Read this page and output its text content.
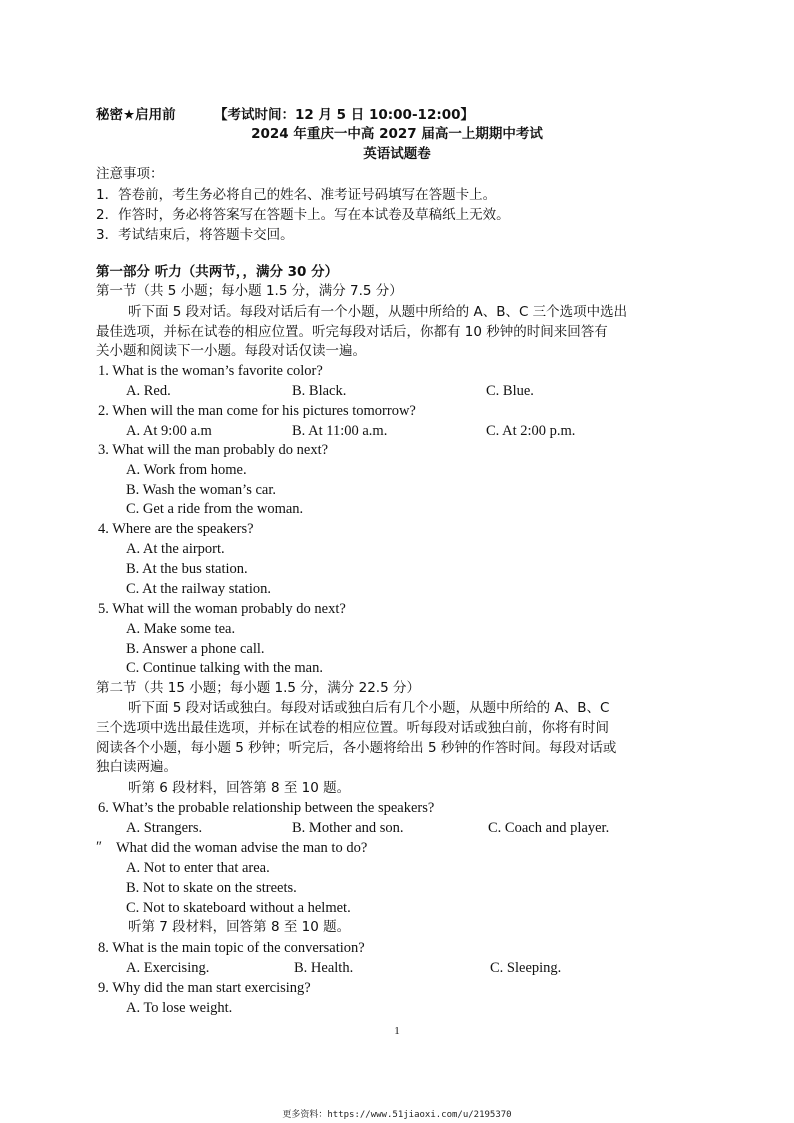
秘密★启用前	【考试时间：12 月 5 日 10:00-12:00】
2024 年重庆一中高 2027 届高一上期期中考试
英语试题卷
注意事项：
1．答卷前，考生务必将自己的姓名、准考证号码填写在答题卡上。
2．作答时，务必将答案写在答题卡上。写在本试卷及草稿纸上无效。
3．考试结束后，将答题卡交回。
第一部分 听力（共两节，，满分 30 分）
第一节（共 5 小题；每小题 1.5 分，满分 7.5 分）
听下面 5 段对话。每段对话后有一个小题，从题中所给的 A、B、C 三个选项中选出
最佳选项，并标在试卷的相应位置。听完每段对话后，你都有 10 秒钟的时间来回答有
关小题和阅读下一小题。每段对话仅读一遍。
1. What is the woman’s favorite color?
A. Red.	B. Black.	C. Blue.
2. When will the man come for his pictures tomorrow?
A. At 9:00 a.m	B. At 11:00 a.m.	C. At 2:00 p.m.
3. What will the man probably do next?
A. Work from home.
B. Wash the woman’s car.
C. Get a ride from the woman.
4. Where are the speakers?
A. At the airport.
B. At the bus station.
C. At the railway station.
5. What will the woman probably do next?
A. Make some tea.
B. Answer a phone call.
C. Continue talking with the man.
第二节（共 15 小题；每小题 1.5 分，满分 22.5 分）
听下面 5 段对话或独白。每段对话或独白后有几个小题，从题中所给的 A、B、C
三个选项中选出最佳选项，并标在试卷的相应位置。听每段对话或独白前，你将有时间
阅读各个小题，每小题 5 秒钟；听完后，各小题将给出 5 秒钟的作答时间。每段对话或
独白读两遍。
听第 6 段材料，回答第 8 至 10 题。
6. What’s the probable relationship between the speakers?
A. Strangers.	B. Mother and son.	C. Coach and player.
ʺ What did the woman advise the man to do?
A. Not to enter that area.
B. Not to skate on the streets.
C. Not to skateboard without a helmet.
听第 7 段材料，回答第 8 至 10 题。
8. What is the main topic of the conversation?
A. Exercising.	B. Health.	C. Sleeping.
9. Why did the man start exercising?
A. To lose weight.
1
更多资料：https://www.51jiaoxi.com/u/2195370
